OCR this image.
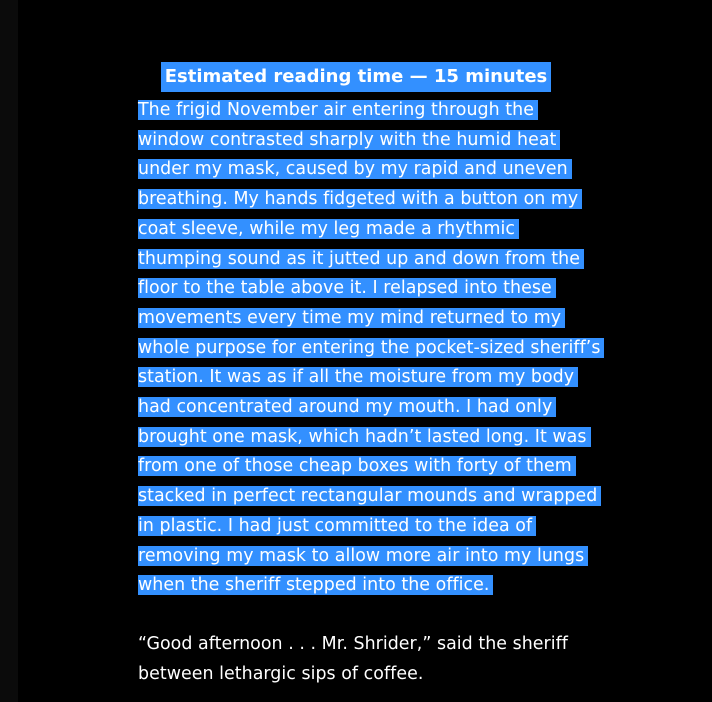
Estimated reading time — 15 minutes

The frigid November air entering through the
window contrasted sharply with the humid heat
under my mask, caused by my rapid and uneven
breathing. My hands fidgeted with a button on my
coat sleeve, while my leg made a rhythmic
thumping sound as it jutted up and down from the
floor to the table above it. I relapsed into these
movements every time my mind returned to my
whole purpose for entering the pocket-sized sheriff’s
station. It was as if all the moisture from my body
had concentrated around my mouth. I had only
brought one mask, which hadn’t lasted long. It was
from one of those cheap boxes with forty of them
stacked in perfect rectangular mounds and wrapped
in plastic. I had just committed to the idea of
removing my mask to allow more air into my lungs
when the sheriff stepped into the office.

“Good afternoon . . . Mr. Shrider,” said the sheriff
between lethargic sips of coffee.
